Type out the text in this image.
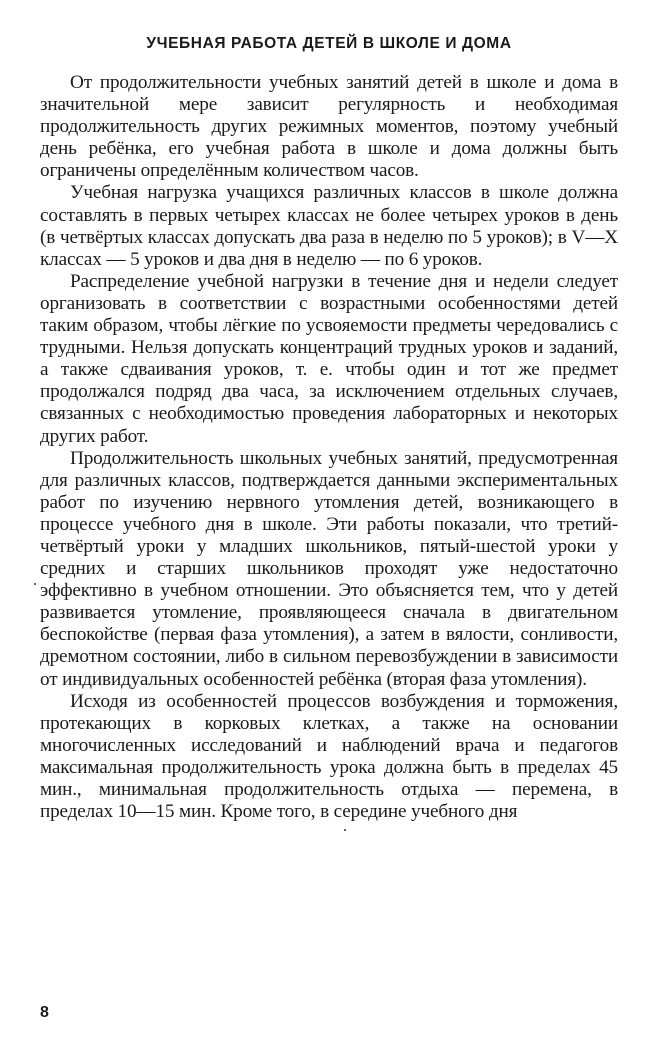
УЧЕБНАЯ РАБОТА ДЕТЕЙ В ШКОЛЕ И ДОМА

От продолжительности учебных занятий детей в школе и дома в значительной мере зависит регулярность и необходимая продолжительность других режимных моментов, поэтому учебный день ребёнка, его учебная работа в школе и дома должны быть ограничены определённым количеством часов.

Учебная нагрузка учащихся различных классов в школе должна составлять в первых четырех классах не более четырех уроков в день (в четвёртых классах допускать два раза в неделю по 5 уроков); в V—X классах — 5 уроков и два дня в неделю — по 6 уроков.

Распределение учебной нагрузки в течение дня и недели следует организовать в соответствии с возрастными особенностями детей таким образом, чтобы лёгкие по усвояемости предметы чередовались с трудными. Нельзя допускать концентраций трудных уроков и заданий, а также сдваивания уроков, т. е. чтобы один и тот же предмет продолжался подряд два часа, за исключением отдельных случаев, связанных с необходимостью проведения лабораторных и некоторых других работ.

Продолжительность школьных учебных занятий, предусмотренная для различных классов, подтверждается данными экспериментальных работ по изучению нервного утомления детей, возникающего в процессе учебного дня в школе. Эти работы показали, что третий-четвёртый уроки у младших школьников, пятый-шестой уроки у средних и старших школьников проходят уже недостаточно эффективно в учебном отношении. Это объясняется тем, что у детей развивается утомление, проявляющееся сначала в двигательном беспокойстве (первая фаза утомления), а затем в вялости, сонливости, дремотном состоянии, либо в сильном перевозбуждении в зависимости от индивидуальных особенностей ребёнка (вторая фаза утомления).

Исходя из особенностей процессов возбуждения и торможения, протекающих в корковых клетках, а также на основании многочисленных исследований и наблюдений врача и педагогов максимальная продолжительность урока должна быть в пределах 45 мин., минимальная продолжительность отдыха — перемена, в пределах 10—15 мин. Кроме того, в середине учебного дня

8
